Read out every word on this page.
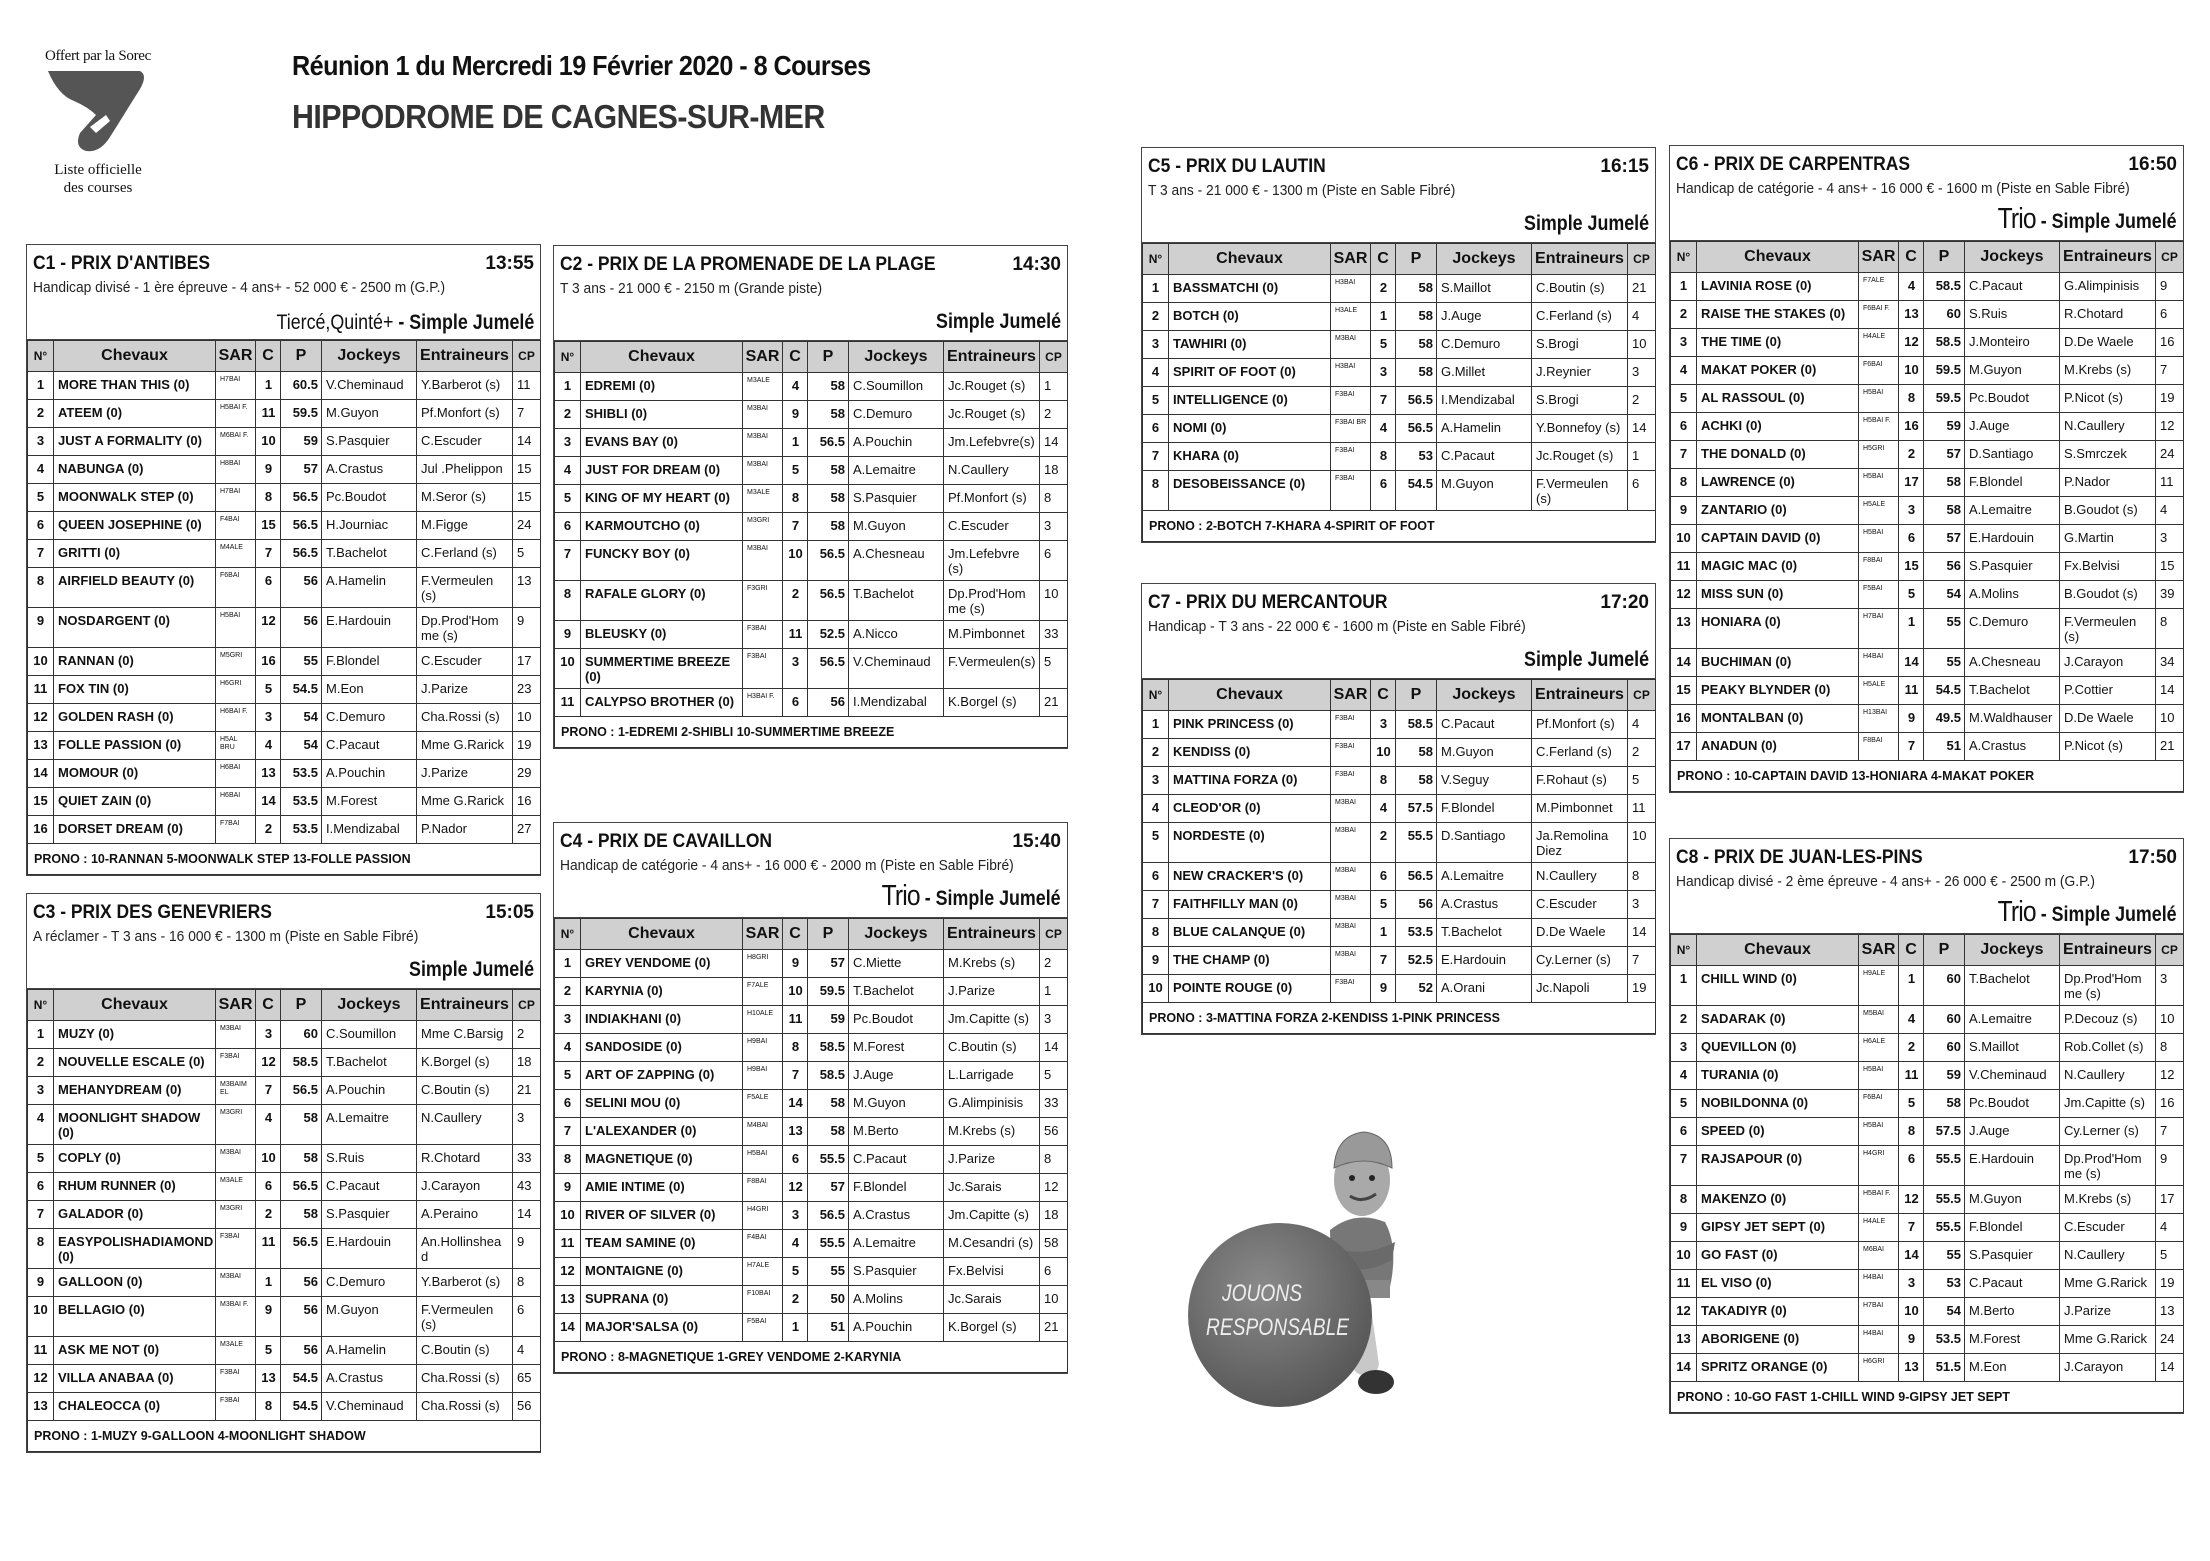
Offert par la Sorec
Liste officielle
des courses
Réunion 1 du Mercredi 19 Février 2020 - 8 Courses
HIPPODROME DE CAGNES-SUR-MER
C1 - PRIX D'ANTIBES	13:55
Handicap divisé - 1 ère épreuve - 4 ans+ - 52 000 € - 2500 m (G.P.)
Tiercé,Quinté+ - Simple Jumelé
N°	Chevaux	SAR	C	P	Jockeys	Entraineurs	CP
1	MORE THAN THIS (0)	H7BAI	1	60.5	V.Cheminaud	Y.Barberot (s)	11
2	ATEEM (0)	H5BAI F.	11	59.5	M.Guyon	Pf.Monfort (s)	7
3	JUST A FORMALITY (0)	M6BAI F.	10	59	S.Pasquier	C.Escuder	14
4	NABUNGA (0)	H8BAI	9	57	A.Crastus	Jul .Phelippon	15
5	MOONWALK STEP (0)	H7BAI	8	56.5	Pc.Boudot	M.Seror (s)	15
6	QUEEN JOSEPHINE (0)	F4BAI	15	56.5	H.Journiac	M.Figge	24
7	GRITTI (0)	M4ALE	7	56.5	T.Bachelot	C.Ferland (s)	5
8	AIRFIELD BEAUTY (0)	F6BAI	6	56	A.Hamelin	F.Vermeulen (s)	13
9	NOSDARGENT (0)	H5BAI	12	56	E.Hardouin	Dp.Prod'Hom me (s)	9
10	RANNAN (0)	M5GRI	16	55	F.Blondel	C.Escuder	17
11	FOX TIN (0)	H6GRI	5	54.5	M.Eon	J.Parize	23
12	GOLDEN RASH (0)	H6BAI F.	3	54	C.Demuro	Cha.Rossi (s)	10
13	FOLLE PASSION (0)	H5AL BRU	4	54	C.Pacaut	Mme G.Rarick	19
14	MOMOUR (0)	H6BAI	13	53.5	A.Pouchin	J.Parize	29
15	QUIET ZAIN (0)	H6BAI	14	53.5	M.Forest	Mme G.Rarick	16
16	DORSET DREAM (0)	F7BAI	2	53.5	I.Mendizabal	P.Nador	27
PRONO : 10-RANNAN 5-MOONWALK STEP 13-FOLLE PASSION							
C2 - PRIX DE LA PROMENADE DE LA PLAGE	14:30
T 3 ans - 21 000 € - 2150 m (Grande piste)
Simple Jumelé
N°	Chevaux	SAR	C	P	Jockeys	Entraineurs	CP
1	EDREMI (0)	M3ALE	4	58	C.Soumillon	Jc.Rouget (s)	1
2	SHIBLI (0)	M3BAI	9	58	C.Demuro	Jc.Rouget (s)	2
3	EVANS BAY (0)	M3BAI	1	56.5	A.Pouchin	Jm.Lefebvre(s)	14
4	JUST FOR DREAM (0)	M3BAI	5	58	A.Lemaitre	N.Caullery	18
5	KING OF MY HEART (0)	M3ALE	8	58	S.Pasquier	Pf.Monfort (s)	8
6	KARMOUTCHO (0)	M3GRI	7	58	M.Guyon	C.Escuder	3
7	FUNCKY BOY (0)	M3BAI	10	56.5	A.Chesneau	Jm.Lefebvre (s)	6
8	RAFALE GLORY (0)	F3GRI	2	56.5	T.Bachelot	Dp.Prod'Hom me (s)	10
9	BLEUSKY (0)	F3BAI	11	52.5	A.Nicco	M.Pimbonnet	33
10	SUMMERTIME BREEZE (0)	F3BAI	3	56.5	V.Cheminaud	F.Vermeulen(s)	5
11	CALYPSO BROTHER (0)	H3BAI F.	6	56	I.Mendizabal	K.Borgel (s)	21
PRONO : 1-EDREMI 2-SHIBLI 10-SUMMERTIME BREEZE							
C3 - PRIX DES GENEVRIERS	15:05
A réclamer - T 3 ans - 16 000 € - 1300 m (Piste en Sable Fibré)
Simple Jumelé
N°	Chevaux	SAR	C	P	Jockeys	Entraineurs	CP
1	MUZY (0)	M3BAI	3	60	C.Soumillon	Mme C.Barsig	2
2	NOUVELLE ESCALE (0)	F3BAI	12	58.5	T.Bachelot	K.Borgel (s)	18
3	MEHANYDREAM (0)	M3BAIM EL	7	56.5	A.Pouchin	C.Boutin (s)	21
4	MOONLIGHT SHADOW (0)	M3GRI	4	58	A.Lemaitre	N.Caullery	3
5	COPLY (0)	M3BAI	10	58	S.Ruis	R.Chotard	33
6	RHUM RUNNER (0)	M3ALE	6	56.5	C.Pacaut	J.Carayon	43
7	GALADOR (0)	M3GRI	2	58	S.Pasquier	A.Peraino	14
8	EASYPOLISHADIAMOND (0)	F3BAI	11	56.5	E.Hardouin	An.Hollinshea d	9
9	GALLOON (0)	M3BAI	1	56	C.Demuro	Y.Barberot (s)	8
10	BELLAGIO (0)	M3BAI F.	9	56	M.Guyon	F.Vermeulen (s)	6
11	ASK ME NOT (0)	M3ALE	5	56	A.Hamelin	C.Boutin (s)	4
12	VILLA ANABAA (0)	F3BAI	13	54.5	A.Crastus	Cha.Rossi (s)	65
13	CHALEOCCA (0)	F3BAI	8	54.5	V.Cheminaud	Cha.Rossi (s)	56
PRONO : 1-MUZY 9-GALLOON 4-MOONLIGHT SHADOW							
C4 - PRIX DE CAVAILLON	15:40
Handicap de catégorie - 4 ans+ - 16 000 € - 2000 m (Piste en Sable Fibré)
Trio - Simple Jumelé
N°	Chevaux	SAR	C	P	Jockeys	Entraineurs	CP
1	GREY VENDOME (0)	H8GRI	9	57	C.Miette	M.Krebs (s)	2
2	KARYNIA (0)	F7ALE	10	59.5	T.Bachelot	J.Parize	1
3	INDIAKHANI (0)	H10ALE	11	59	Pc.Boudot	Jm.Capitte (s)	3
4	SANDOSIDE (0)	H9BAI	8	58.5	M.Forest	C.Boutin (s)	14
5	ART OF ZAPPING (0)	H9BAI	7	58.5	J.Auge	L.Larrigade	5
6	SELINI MOU (0)	F5ALE	14	58	M.Guyon	G.Alimpinisis	33
7	L'ALEXANDER (0)	M4BAI	13	58	M.Berto	M.Krebs (s)	56
8	MAGNETIQUE (0)	H5BAI	6	55.5	C.Pacaut	J.Parize	8
9	AMIE INTIME (0)	F8BAI	12	57	F.Blondel	Jc.Sarais	12
10	RIVER OF SILVER (0)	H4GRI	3	56.5	A.Crastus	Jm.Capitte (s)	18
11	TEAM SAMINE (0)	F4BAI	4	55.5	A.Lemaitre	M.Cesandri (s)	58
12	MONTAIGNE (0)	H7ALE	5	55	S.Pasquier	Fx.Belvisi	6
13	SUPRANA (0)	F10BAI	2	50	A.Molins	Jc.Sarais	10
14	MAJOR'SALSA (0)	F5BAI	1	51	A.Pouchin	K.Borgel (s)	21
PRONO : 8-MAGNETIQUE 1-GREY VENDOME 2-KARYNIA							
C5 - PRIX DU LAUTIN	16:15
T 3 ans - 21 000 € - 1300 m (Piste en Sable Fibré)
Simple Jumelé
N°	Chevaux	SAR	C	P	Jockeys	Entraineurs	CP
1	BASSMATCHI (0)	H3BAI	2	58	S.Maillot	C.Boutin (s)	21
2	BOTCH (0)	H3ALE	1	58	J.Auge	C.Ferland (s)	4
3	TAWHIRI (0)	M3BAI	5	58	C.Demuro	S.Brogi	10
4	SPIRIT OF FOOT (0)	H3BAI	3	58	G.Millet	J.Reynier	3
5	INTELLIGENCE (0)	F3BAI	7	56.5	I.Mendizabal	S.Brogi	2
6	NOMI (0)	F3BAI BR	4	56.5	A.Hamelin	Y.Bonnefoy (s)	14
7	KHARA (0)	F3BAI	8	53	C.Pacaut	Jc.Rouget (s)	1
8	DESOBEISSANCE (0)	F3BAI	6	54.5	M.Guyon	F.Vermeulen (s)	6
PRONO : 2-BOTCH 7-KHARA 4-SPIRIT OF FOOT							
C6 - PRIX DE CARPENTRAS	16:50
Handicap de catégorie - 4 ans+ - 16 000 € - 1600 m (Piste en Sable Fibré)
Trio - Simple Jumelé
N°	Chevaux	SAR	C	P	Jockeys	Entraineurs	CP
1	LAVINIA ROSE (0)	F7ALE	4	58.5	C.Pacaut	G.Alimpinisis	9
2	RAISE THE STAKES (0)	F6BAI F.	13	60	S.Ruis	R.Chotard	6
3	THE TIME (0)	H4ALE	12	58.5	J.Monteiro	D.De Waele	16
4	MAKAT POKER (0)	F6BAI	10	59.5	M.Guyon	M.Krebs (s)	7
5	AL RASSOUL (0)	H5BAI	8	59.5	Pc.Boudot	P.Nicot (s)	19
6	ACHKI (0)	H5BAI F.	16	59	J.Auge	N.Caullery	12
7	THE DONALD (0)	H5GRI	2	57	D.Santiago	S.Smrczek	24
8	LAWRENCE (0)	H5BAI	17	58	F.Blondel	P.Nador	11
9	ZANTARIO (0)	H5ALE	3	58	A.Lemaitre	B.Goudot (s)	4
10	CAPTAIN DAVID (0)	H5BAI	6	57	E.Hardouin	G.Martin	3
11	MAGIC MAC (0)	F8BAI	15	56	S.Pasquier	Fx.Belvisi	15
12	MISS SUN (0)	F5BAI	5	54	A.Molins	B.Goudot (s)	39
13	HONIARA (0)	H7BAI	1	55	C.Demuro	F.Vermeulen (s)	8
14	BUCHIMAN (0)	H4BAI	14	55	A.Chesneau	J.Carayon	34
15	PEAKY BLYNDER (0)	H5ALE	11	54.5	T.Bachelot	P.Cottier	14
16	MONTALBAN (0)	H13BAI	9	49.5	M.Waldhauser	D.De Waele	10
17	ANADUN (0)	F8BAI	7	51	A.Crastus	P.Nicot (s)	21
PRONO : 10-CAPTAIN DAVID 13-HONIARA 4-MAKAT POKER							
C7 - PRIX DU MERCANTOUR	17:20
Handicap - T 3 ans - 22 000 € - 1600 m (Piste en Sable Fibré)
Simple Jumelé
N°	Chevaux	SAR	C	P	Jockeys	Entraineurs	CP
1	PINK PRINCESS (0)	F3BAI	3	58.5	C.Pacaut	Pf.Monfort (s)	4
2	KENDISS (0)	F3BAI	10	58	M.Guyon	C.Ferland (s)	2
3	MATTINA FORZA (0)	F3BAI	8	58	V.Seguy	F.Rohaut (s)	5
4	CLEOD'OR (0)	M3BAI	4	57.5	F.Blondel	M.Pimbonnet	11
5	NORDESTE (0)	M3BAI	2	55.5	D.Santiago	Ja.Remolina Diez	10
6	NEW CRACKER'S (0)	M3BAI	6	56.5	A.Lemaitre	N.Caullery	8
7	FAITHFILLY MAN (0)	M3BAI	5	56	A.Crastus	C.Escuder	3
8	BLUE CALANQUE (0)	M3BAI	1	53.5	T.Bachelot	D.De Waele	14
9	THE CHAMP (0)	M3BAI	7	52.5	E.Hardouin	Cy.Lerner (s)	7
10	POINTE ROUGE (0)	F3BAI	9	52	A.Orani	Jc.Napoli	19
PRONO : 3-MATTINA FORZA 2-KENDISS 1-PINK PRINCESS							
C8 - PRIX DE JUAN-LES-PINS	17:50
Handicap divisé - 2 ème épreuve - 4 ans+ - 26 000 € - 2500 m (G.P.)
Trio - Simple Jumelé
N°	Chevaux	SAR	C	P	Jockeys	Entraineurs	CP
1	CHILL WIND (0)	H9ALE	1	60	T.Bachelot	Dp.Prod'Hom me (s)	3
2	SADARAK (0)	M5BAI	4	60	A.Lemaitre	P.Decouz (s)	10
3	QUEVILLON (0)	H6ALE	2	60	S.Maillot	Rob.Collet (s)	8
4	TURANIA (0)	H5BAI	11	59	V.Cheminaud	N.Caullery	12
5	NOBILDONNA (0)	F6BAI	5	58	Pc.Boudot	Jm.Capitte (s)	16
6	SPEED (0)	H5BAI	8	57.5	J.Auge	Cy.Lerner (s)	7
7	RAJSAPOUR (0)	H4GRI	6	55.5	E.Hardouin	Dp.Prod'Hom me (s)	9
8	MAKENZO (0)	H5BAI F.	12	55.5	M.Guyon	M.Krebs (s)	17
9	GIPSY JET SEPT (0)	H4ALE	7	55.5	F.Blondel	C.Escuder	4
10	GO FAST (0)	M6BAI	14	55	S.Pasquier	N.Caullery	5
11	EL VISO (0)	H4BAI	3	53	C.Pacaut	Mme G.Rarick	19
12	TAKADIYR (0)	H7BAI	10	54	M.Berto	J.Parize	13
13	ABORIGENE (0)	H4BAI	9	53.5	M.Forest	Mme G.Rarick	24
14	SPRITZ ORANGE (0)	H6GRI	13	51.5	M.Eon	J.Carayon	14
PRONO : 10-GO FAST 1-CHILL WIND 9-GIPSY JET SEPT							
JOUONS
RESPONSABLE
